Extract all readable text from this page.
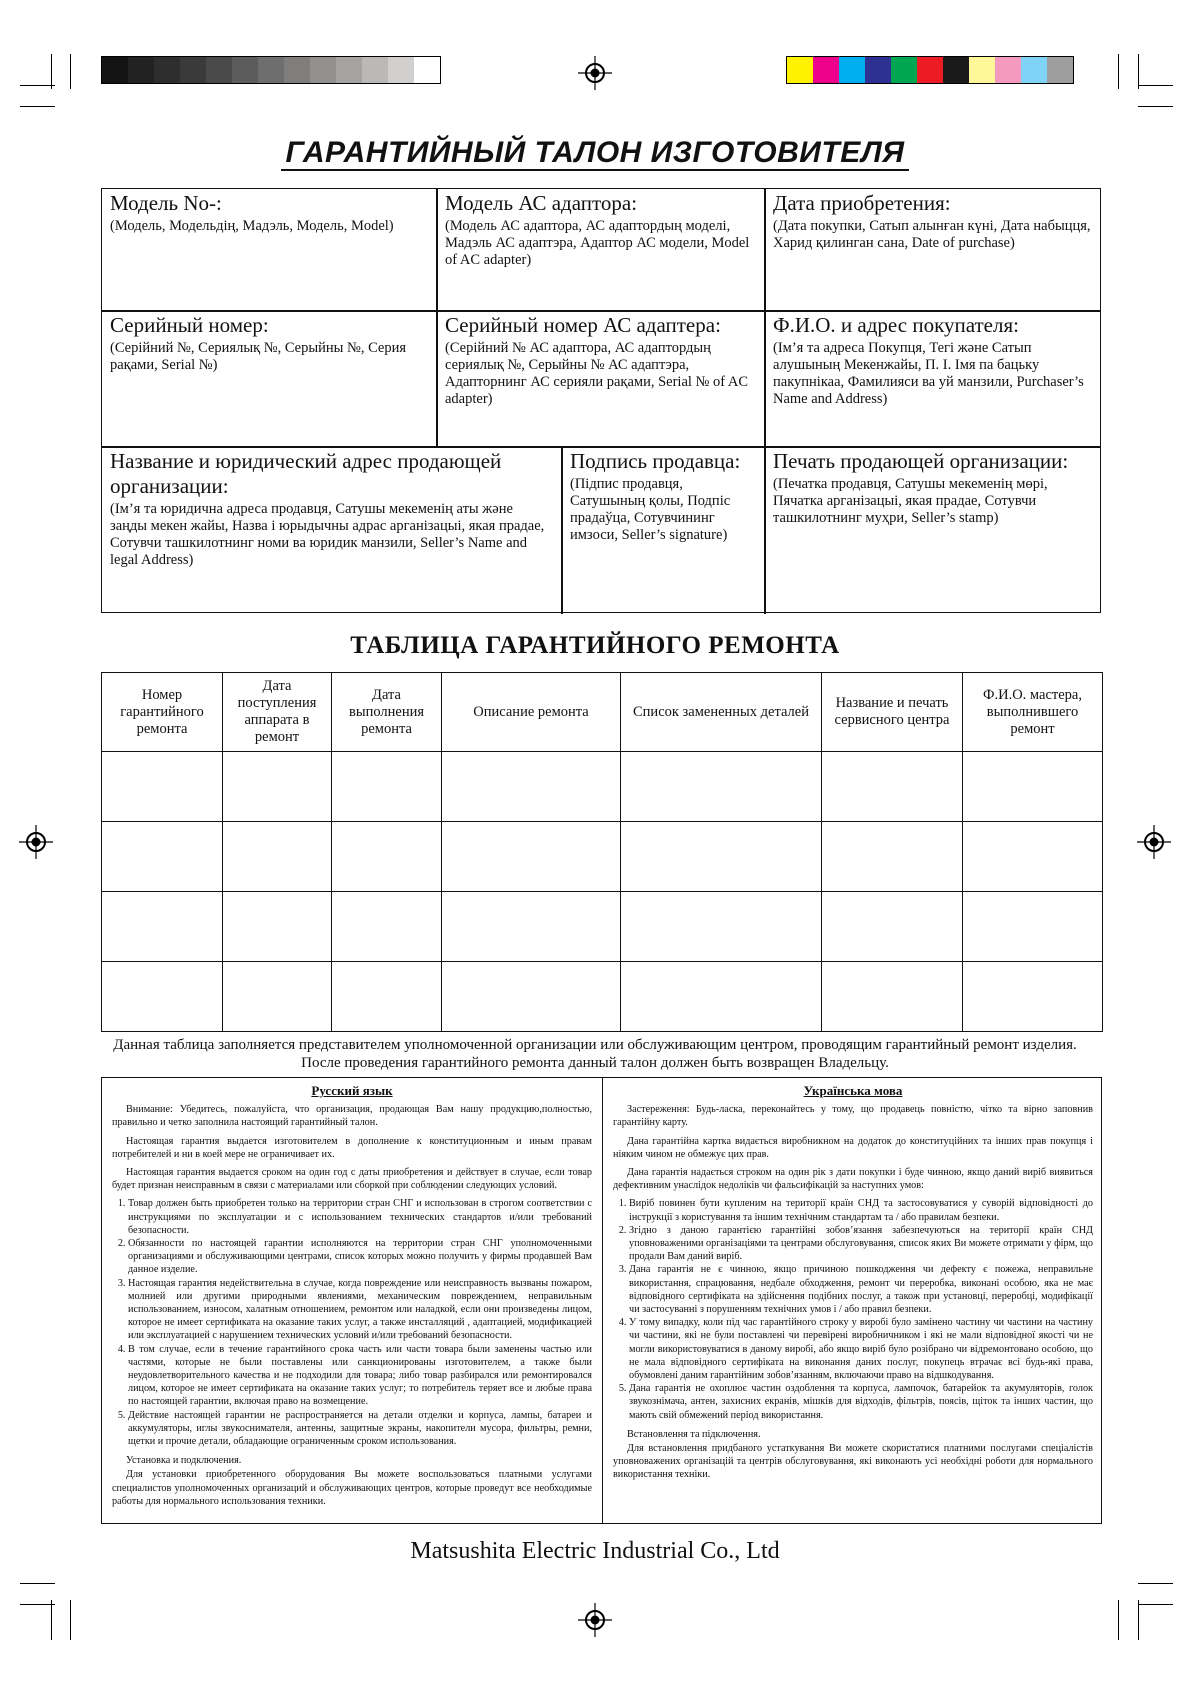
ГАРАНТИЙНЫЙ ТАЛОН ИЗГОТОВИТЕЛЯ
Модель No-:
(Модель, Модельдің, Мадэль, Модель, Model)
Модель АС адаптора:
(Модель АС адаптора, АС адаптордың моделі, Мадэль АС адаптэра, Адаптор АС модели, Model of AC adapter)
Дата приобретения:
(Дата покупки, Сатып алынған күні, Дата набыцця, Харид қилинган сана, Date of purchase)
Серийный номер:
(Серійний №, Сериялық №, Серыйны №, Серия рақами, Serial №)
Серийный номер АС адаптера:
(Серійний № АС адаптора, АС адаптордың сериялық №, Серыйны № АС адаптэра, Адапторнинг АС серияли рақами, Serial № of AC adapter)
Ф.И.О. и адрес покупателя:
(Ім’я та адреса Покупця, Тегі және Сатып алушының Мекенжайы, П. І. Імя па бацьку пакупнікаа, Фамилияси ва уй манзили, Purchaser’s Name and Address)
Название и юридический адрес продающей организации:
(Ім’я та юридична адреса продавця, Сатушы мекеменің аты және заңды мекен жайы, Назва і юрыдычны адрас арганізацыі, якая прадае, Сотувчи ташкилотнинг номи ва юридик манзили, Seller’s Name and legal Address)
Подпись продавца:
(Підпис продавця, Сатушының қолы, Подпіс прадаўца, Сотувчининг имзоси, Seller’s signature)
Печать продающей организации:
(Печатка продавця, Сатушы мекеменің мөрі, Пячатка арганізацыі, якая прадае, Сотувчи ташкилотнинг муҳри, Seller’s stamp)
ТАБЛИЦА ГАРАНТИЙНОГО РЕМОНТА
Номер гарантийного ремонта	Дата поступления аппарата в ремонт	Дата выполнения ремонта	Описание ремонта	Список замененных деталей	Название и печать сервисного центра	Ф.И.О. мастера, выполнившего ремонт

Данная таблица заполняется представителем уполномоченной организации или обслуживающим центром, проводящим гарантийный ремонт изделия.
После проведения гарантийного ремонта данный талон должен быть возвращен Владельцу.
Русский язык

Внимание: Убедитесь, пожалуйста, что организация, продающая Вам нашу продукцию,полностью, правильно и четко заполнила настоящий гарантийный талон.

Настоящая гарантия выдается изготовителем в дополнение к конституционным и иным правам потребителей и ни в коей мере не ограничивает их.

Настоящая гарантия выдается сроком на один год с даты приобретения и действует в случае, если товар будет признан неисправным в связи с материалами или сборкой при соблюдении следующих условий.

1. Товар должен быть приобретен только на территории стран СНГ и использован в строгом соответствии с инструкциями по эксплуатации и с использованием технических стандартов и/или требований безопасности.
2. Обязанности по настоящей гарантии исполняются на территории стран СНГ уполномоченными организациями и обслуживающими центрами, список которых можно получить у фирмы продавшей Вам данное изделие.
3. Настоящая гарантия недействительна в случае, когда повреждение или неисправность вызваны пожаром, молнией или другими природными явлениями, механическим повреждением, неправильным использованием, износом, халатным отношением, ремонтом или наладкой, если они произведены лицом, которое не имеет сертификата на оказание таких услуг, а также инсталляций , адаптацией, модификацией или эксплуатацией с нарушением технических условий и/или требований безопасности.
4. В том случае, если в течение гарантийного срока часть или части товара были заменены частью или частями, которые не были поставлены или санкционированы изготовителем, а также были неудовлетворительного качества и не подходили для товара; либо товар разбирался или ремонтировался лицом, которое не имеет сертификата на оказание таких услуг; то потребитель теряет все и любые права по настоящей гарантии, включая право на возмещение.
5. Действие настоящей гарантии не распространяется на детали отделки и корпуса, лампы, батареи и аккумуляторы, иглы звукоснимателя, антенны, защитные экраны, накопители мусора, фильтры, ремни, щетки и прочие детали, обладающие ограниченным сроком использования.

Установка и подключения.

Для установки приобретенного оборудования Вы можете воспользоваться платными услугами специалистов уполномоченных организаций и обслуживающих центров, которые проведут все необходимые работы для нормального использования техники.

Українська мова

Застереження: Будь-ласка, переконайтесь у тому, що продавець повністю, чітко та вірно заповнив гарантійну карту.

Дана гарантійна картка видається виробникном на додаток до конституційних та інших прав покупця і ніяким чином не обмежує цих прав.

Дана гарантія надається строком на один рік з дати покупки і буде чинною, якщо даний виріб виявиться дефективним унаслідок недоліків чи фальсифікацій за наступних умов:

1. Виріб повинен бути купленим на території країн СНД та застосовуватися у суворій відповідності до інструкції з користування та іншим технічним стандартам та / або правилам безпеки.
2. Згідно з даною гарантією гарантійні зобов’язання забезпечуються на території країн СНД уповноваженими організаціями та центрами обслуговування, список яких Ви можете отримати у фірм, що продали Вам даний виріб.
3. Дана гарантія не є чинною, якщо причиною пошкодження чи дефекту є пожежа, неправильне використання, спрацювання, недбале обходження, ремонт чи переробка, виконані особою, яка не має відповідного сертифіката на здійснення подібних послуг, а також при установці, переробці, модифікації чи застосуванні з порушенням технічних умов і / або правил безпеки.
4. У тому випадку, коли під час гарантійного строку у виробі було замінено частину чи частини на частину чи частини, які не були поставлені чи перевірені виробничником і які не мали відповідної якості чи не могли використовуватися в даному виробі, або якщо виріб було розібрано чи відремонтовано особою, що не мала відповідного сертифіката на виконання даних послуг, покупець втрачає всі будь-які права, обумовлені даним гарантійним зобов’язанням, включаючи право на відшкодування.
5. Дана гарантія не охоплює частин оздоблення та корпуса, лампочок, батарейок та акумуляторів, голок звукознімача, антен, захисних екранів, мішків для відходів, фільтрів, поясів, щіток та інших частин, що мають свій обмежений період використання.

Встановлення та підключення.

Для встановлення придбаного устаткування Ви можете скористатися платними послугами спеціалістів уповноважених організацій та центрів обслуговування, які виконають усі необхідні роботи для нормального використання техніки.

Matsushita Electric Industrial Co., Ltd
